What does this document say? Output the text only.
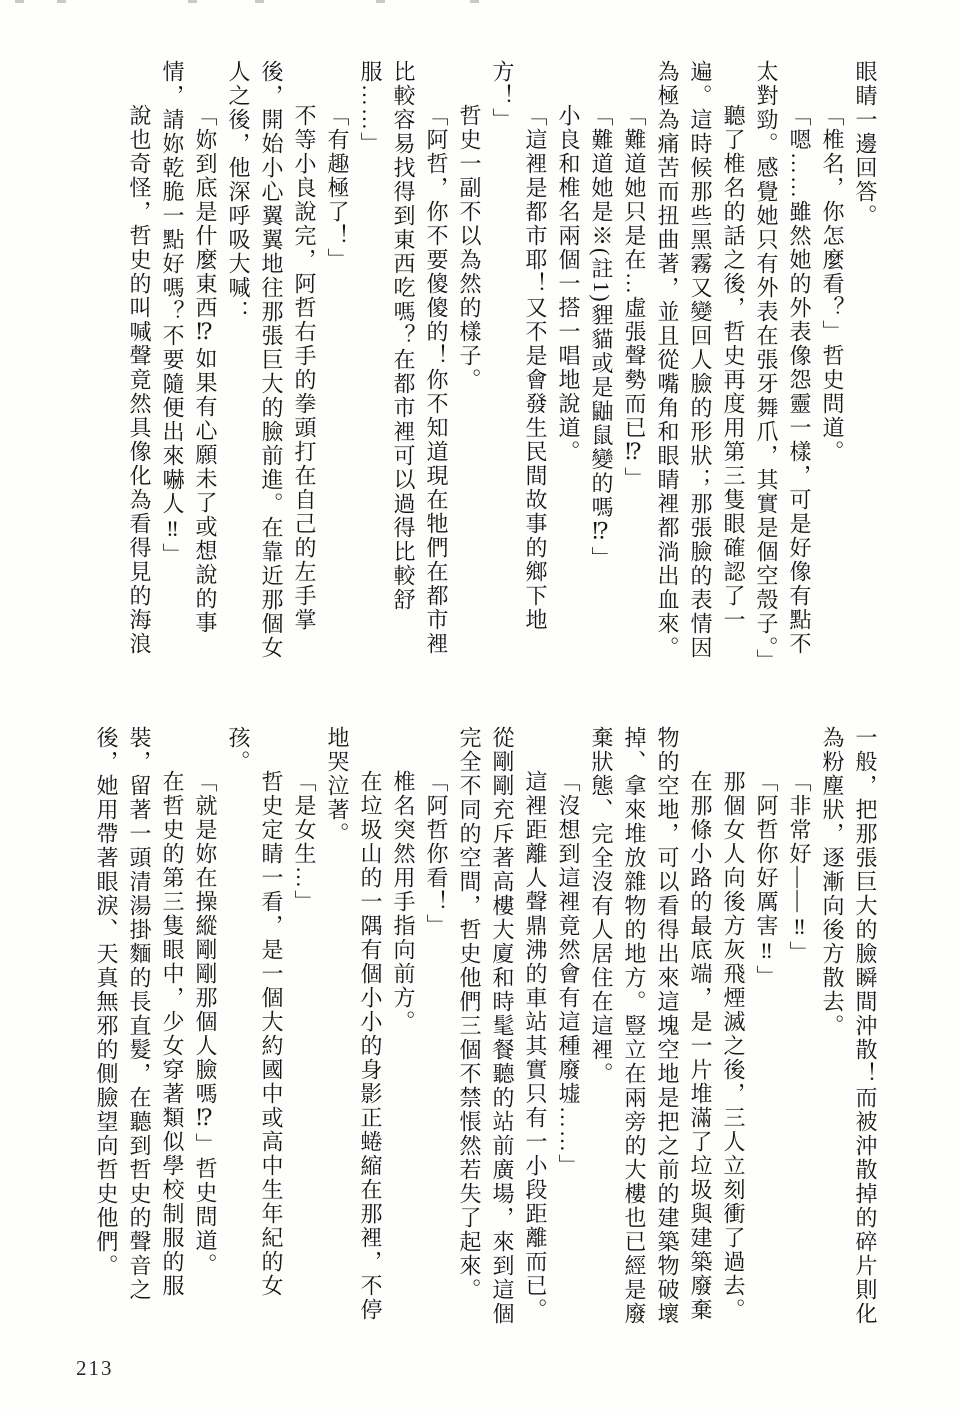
眼睛一邊回答。

「椎名，你怎麼看？」哲史問道。

「嗯……雖然她的外表像怨靈一樣，可是好像有點不太對勁。感覺她只有外表在張牙舞爪，其實是個空殼子。」

聽了椎名的話之後，哲史再度用第三隻眼確認了一遍。這時候那些黑霧又變回人臉的形狀；那張臉的表情因為極為痛苦而扭曲著，並且從嘴角和眼睛裡都淌出血來。

「難道她只是在…虛張聲勢而已⁉」

「難道她是※(註1)貍貓或是鼬鼠變的嗎⁉」

小良和椎名兩個一搭一唱地說道。

「這裡是都市耶！又不是會發生民間故事的鄉下地方！」

哲史一副不以為然的樣子。

「阿哲，你不要傻傻的！你不知道現在牠們在都市裡比較容易找得到東西吃嗎？在都市裡可以過得比較舒服……」

「有趣極了！」

不等小良說完，阿哲右手的拳頭打在自己的左手掌後，開始小心翼翼地往那張巨大的臉前進。在靠近那個女人之後，他深呼吸大喊：

「妳到底是什麼東西⁉如果有心願未了或想說的事情，請妳乾脆一點好嗎？不要隨便出來嚇人‼」

說也奇怪，哲史的叫喊聲竟然具像化為看得見的海浪

一般，把那張巨大的臉瞬間沖散！而被沖散掉的碎片則化為粉塵狀，逐漸向後方散去。

「非常好——‼」

「阿哲你好厲害‼」

那個女人向後方灰飛煙滅之後，三人立刻衝了過去。

在那條小路的最底端，是一片堆滿了垃圾與建築廢棄物的空地，可以看得出來這塊空地是把之前的建築物破壞掉、拿來堆放雜物的地方。豎立在兩旁的大樓也已經是廢棄狀態、完全沒有人居住在這裡。

「沒想到這裡竟然會有這種廢墟……」

這裡距離人聲鼎沸的車站其實只有一小段距離而已。從剛剛充斥著高樓大廈和時髦餐聽的站前廣場，來到這個完全不同的空間，哲史他們三個不禁悵然若失了起來。

「阿哲你看！」

椎名突然用手指向前方。

在垃圾山的一隅有個小小的身影正蜷縮在那裡，不停地哭泣著。

「是女生…」

哲史定睛一看，是一個大約國中或高中生年紀的女孩。

「就是妳在操縱剛剛那個人臉嗎⁉」哲史問道。

在哲史的第三隻眼中，少女穿著類似學校制服的服裝，留著一頭清湯掛麵的長直髮，在聽到哲史的聲音之後，她用帶著眼淚、天真無邪的側臉望向哲史他們。

213
